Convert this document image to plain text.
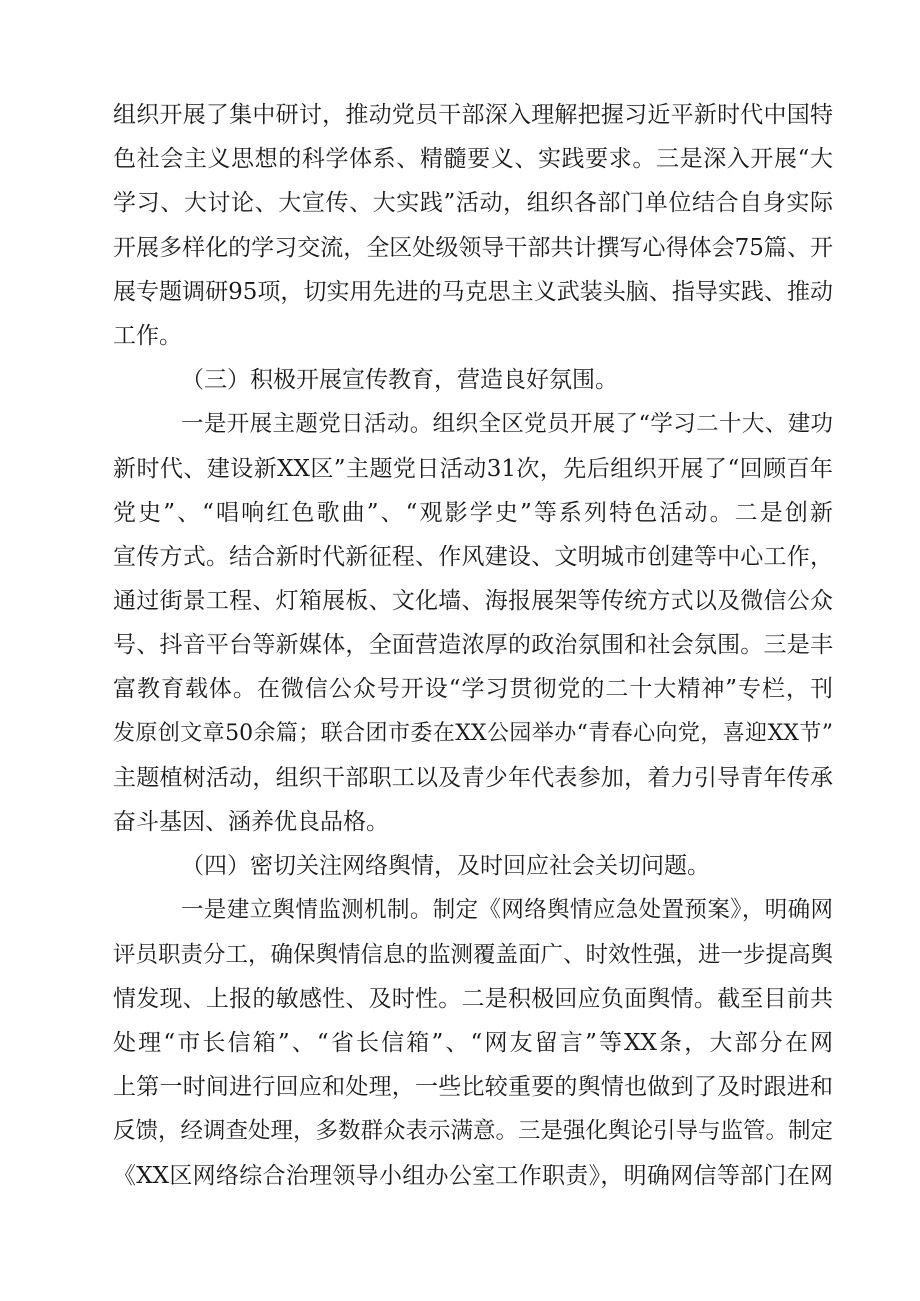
组织开展了集中研讨，推动党员干部深入理解把握习近平新时代中国特
色社会主义思想的科学体系、精髓要义、实践要求。三是深入开展“大
学习、大讨论、大宣传、大实践”活动，组织各部门单位结合自身实际
开展多样化的学习交流，全区处级领导干部共计撰写心得体会75篇、开
展专题调研95项，切实用先进的马克思主义武装头脑、指导实践、推动
工作。
（三）积极开展宣传教育，营造良好氛围。
一是开展主题党日活动。组织全区党员开展了“学习二十大、建功
新时代、建设新XX区”主题党日活动31次，先后组织开展了“回顾百年
党史”、“唱响红色歌曲”、“观影学史”等系列特色活动。二是创新
宣传方式。结合新时代新征程、作风建设、文明城市创建等中心工作，
通过街景工程、灯箱展板、文化墙、海报展架等传统方式以及微信公众
号、抖音平台等新媒体，全面营造浓厚的政治氛围和社会氛围。三是丰
富教育载体。在微信公众号开设“学习贯彻党的二十大精神”专栏，刊
发原创文章50余篇；联合团市委在XX公园举办“青春心向党，喜迎XX节”
主题植树活动，组织干部职工以及青少年代表参加，着力引导青年传承
奋斗基因、涵养优良品格。
（四）密切关注网络舆情，及时回应社会关切问题。
一是建立舆情监测机制。制定《网络舆情应急处置预案》，明确网
评员职责分工，确保舆情信息的监测覆盖面广、时效性强，进一步提高舆
情发现、上报的敏感性、及时性。二是积极回应负面舆情。截至目前共
处理“市长信箱”、“省长信箱”、“网友留言”等XX条，大部分在网
上第一时间进行回应和处理，一些比较重要的舆情也做到了及时跟进和
反馈，经调查处理，多数群众表示满意。三是强化舆论引导与监管。制定
《XX区网络综合治理领导小组办公室工作职责》，明确网信等部门在网
